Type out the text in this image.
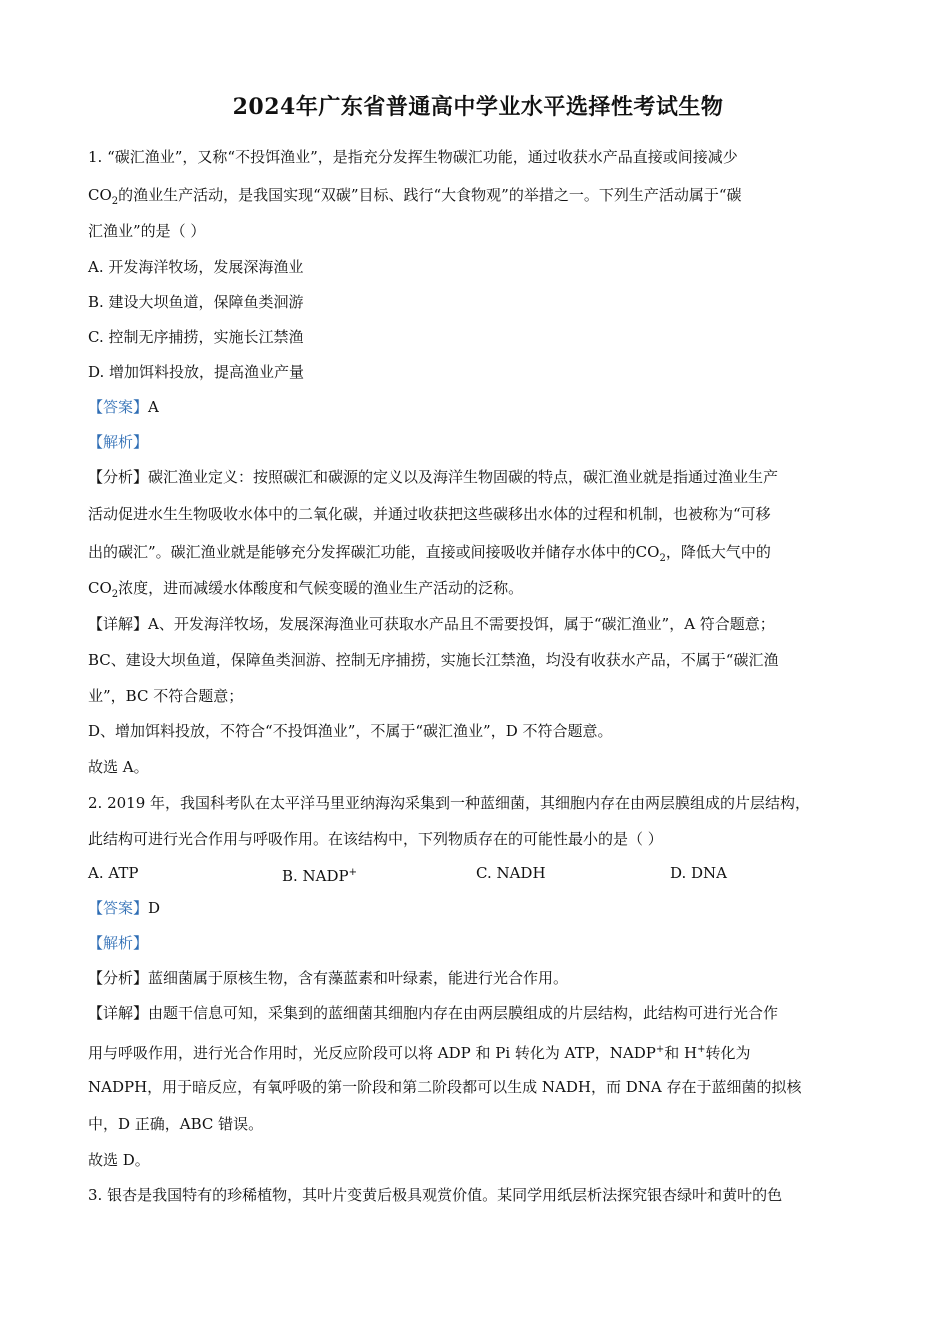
2024年广东省普通高中学业水平选择性考试生物
1. “碳汇渔业”，又称“不投饵渔业”，是指充分发挥生物碳汇功能，通过收获水产品直接或间接减少
$CO_2$的渔业生产活动，是我国实现“双碳”目标、践行“大食物观”的举措之一。下列生产活动属于“碳
汇渔业”的是（ ）
A. 开发海洋牧场，发展深海渔业
B. 建设大坝鱼道，保障鱼类洄游
C. 控制无序捕捞，实施长江禁渔
D. 增加饵料投放，提高渔业产量
【答案】A
【解析】
【分析】碳汇渔业定义：按照碳汇和碳源的定义以及海洋生物固碳的特点，碳汇渔业就是指通过渔业生产
活动促进水生生物吸收水体中的二氧化碳，并通过收获把这些碳移出水体的过程和机制，也被称为“可移
出的碳汇”。碳汇渔业就是能够充分发挥碳汇功能，直接或间接吸收并储存水体中的$CO_2$，降低大气中的
$CO_2$浓度，进而减缓水体酸度和气候变暖的渔业生产活动的泛称。
【详解】A、开发海洋牧场，发展深海渔业可获取水产品且不需要投饵，属于“碳汇渔业”，A 符合题意；
BC、建设大坝鱼道，保障鱼类洄游、控制无序捕捞，实施长江禁渔，均没有收获水产品，不属于“碳汇渔
业”，BC 不符合题意；
D、增加饵料投放，不符合“不投饵渔业”，不属于“碳汇渔业”，D 不符合题意。
故选 A。
2. 2019 年，我国科考队在太平洋马里亚纳海沟采集到一种蓝细菌，其细胞内存在由两层膜组成的片层结构，
此结构可进行光合作用与呼吸作用。在该结构中，下列物质存在的可能性最小的是（ ）
A. ATP	B. NADP+	C. NADH	D. DNA
【答案】D
【解析】
【分析】蓝细菌属于原核生物，含有藻蓝素和叶绿素，能进行光合作用。
【详解】由题干信息可知，采集到的蓝细菌其细胞内存在由两层膜组成的片层结构，此结构可进行光合作
用与呼吸作用，进行光合作用时，光反应阶段可以将 ADP 和 Pi 转化为 ATP，NADP+和 H+转化为
NADPH，用于暗反应，有氧呼吸的第一阶段和第二阶段都可以生成 NADH，而 DNA 存在于蓝细菌的拟核
中，D 正确，ABC 错误。
故选 D。
3. 银杏是我国特有的珍稀植物，其叶片变黄后极具观赏价值。某同学用纸层析法探究银杏绿叶和黄叶的色
